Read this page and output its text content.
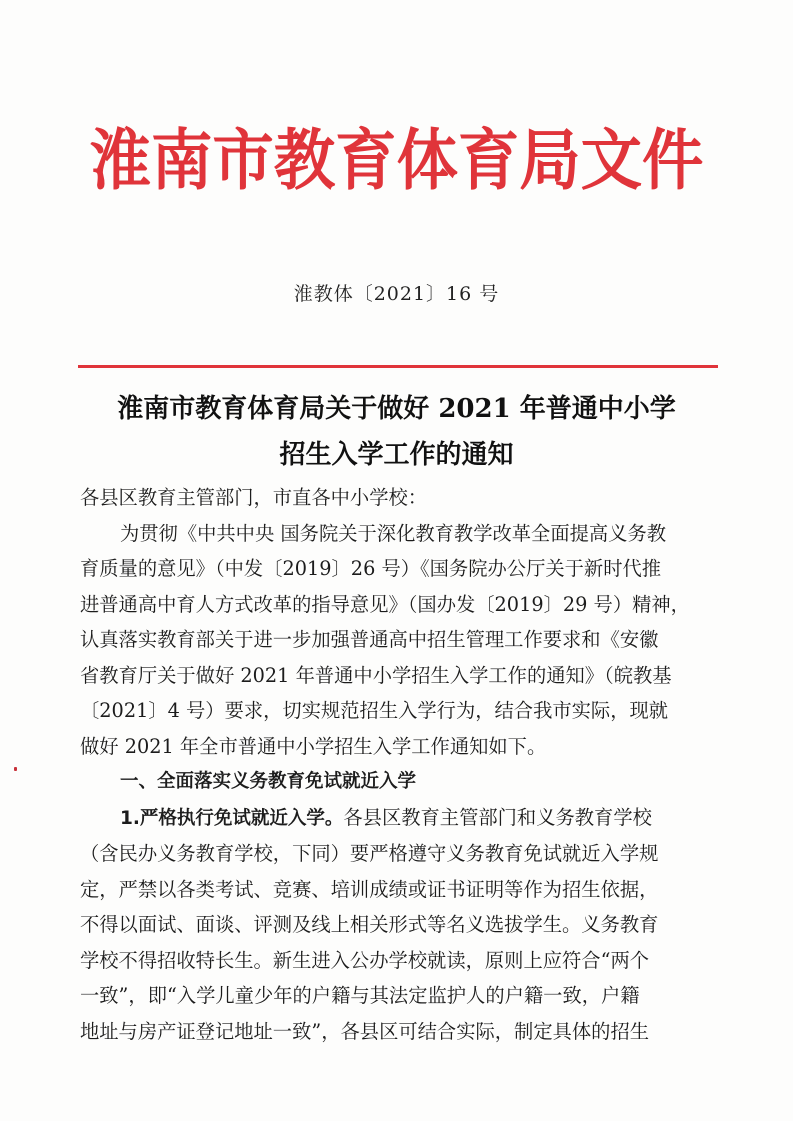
淮南市教育体育局文件
淮教体〔2021〕16 号
淮南市教育体育局关于做好 2021 年普通中小学
招生入学工作的通知
各县区教育主管部门，市直各中小学校：
为贯彻《中共中央 国务院关于深化教育教学改革全面提高义务教
育质量的意见》（中发〔2019〕26 号）《国务院办公厅关于新时代推
进普通高中育人方式改革的指导意见》（国办发〔2019〕29 号）精神，
认真落实教育部关于进一步加强普通高中招生管理工作要求和《安徽
省教育厅关于做好 2021 年普通中小学招生入学工作的通知》（皖教基
〔2021〕4 号）要求，切实规范招生入学行为，结合我市实际，现就
做好 2021 年全市普通中小学招生入学工作通知如下。
一、全面落实义务教育免试就近入学
1.严格执行免试就近入学。各县区教育主管部门和义务教育学校
（含民办义务教育学校，下同）要严格遵守义务教育免试就近入学规
定，严禁以各类考试、竞赛、培训成绩或证书证明等作为招生依据，
不得以面试、面谈、评测及线上相关形式等名义选拔学生。义务教育
学校不得招收特长生。新生进入公办学校就读，原则上应符合“两个
一致”，即“入学儿童少年的户籍与其法定监护人的户籍一致，户籍
地址与房产证登记地址一致”，各县区可结合实际，制定具体的招生
